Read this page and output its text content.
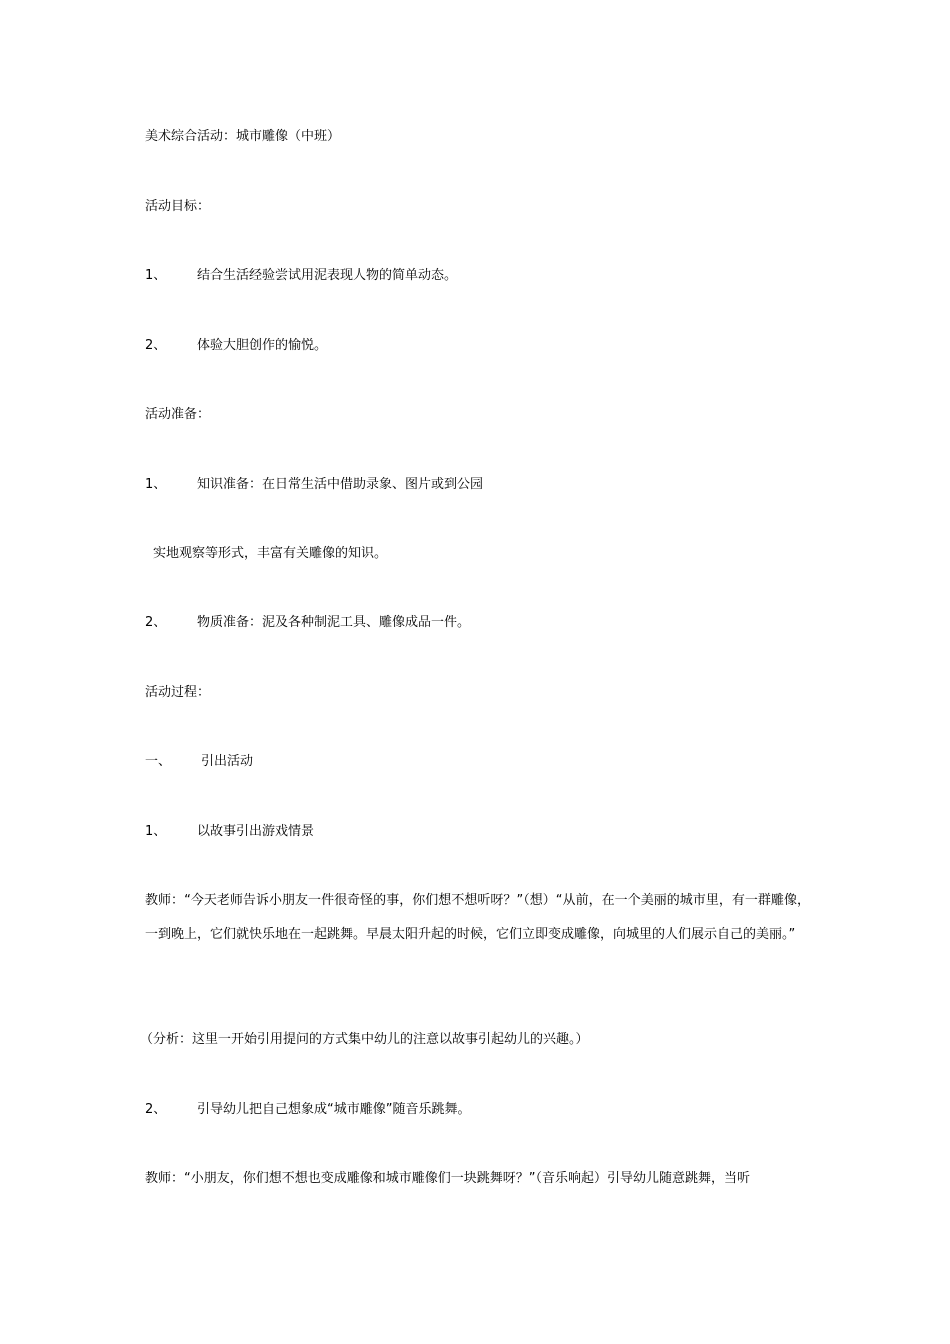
美术综合活动：城市雕像（中班）

活动目标：

1、 结合生活经验尝试用泥表现人物的简单动态。

2、 体验大胆创作的愉悦。

活动准备：

1、 知识准备：在日常生活中借助录象、图片或到公园

实地观察等形式，丰富有关雕像的知识。

2、 物质准备：泥及各种制泥工具、雕像成品一件。

活动过程：

一、 引出活动

1、 以故事引出游戏情景

教师：“今天老师告诉小朋友一件很奇怪的事，你们想不想听呀？”（想）“从前，在一个美丽的城市里，有一群雕像，一到晚上，它们就快乐地在一起跳舞。早晨太阳升起的时候，它们立即变成雕像，向城里的人们展示自己的美丽。”

（分析：这里一开始引用提问的方式集中幼儿的注意以故事引起幼儿的兴趣。）

2、 引导幼儿把自己想象成“城市雕像”随音乐跳舞。

教师：“小朋友，你们想不想也变成雕像和城市雕像们一块跳舞呀？”（音乐响起）引导幼儿随意跳舞，当听
